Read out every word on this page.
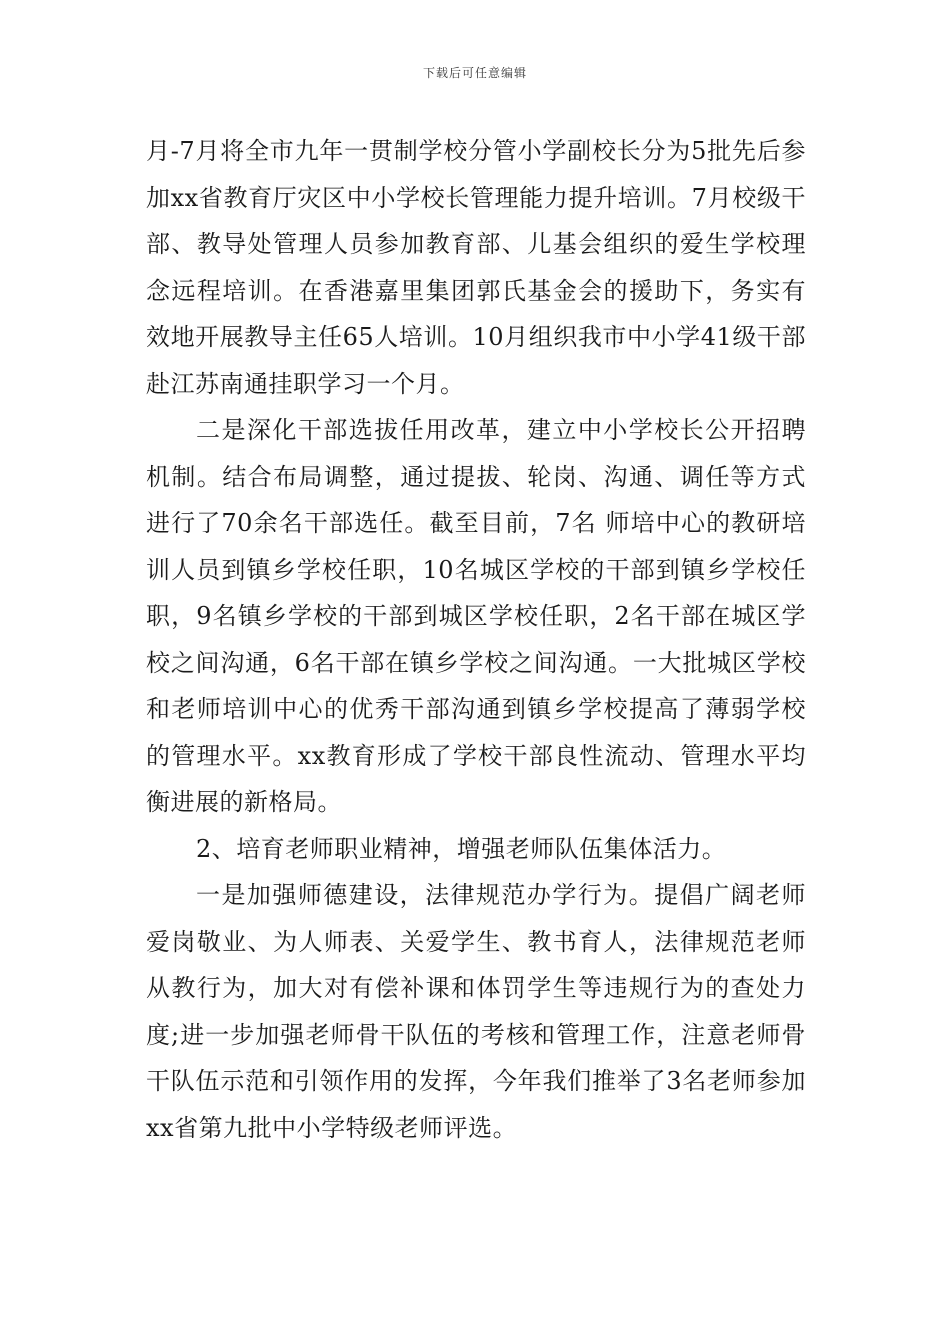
下载后可任意编辑

月-7月将全市九年一贯制学校分管小学副校长分为5批先后参加xx省教育厅灾区中小学校长管理能力提升培训。7月校级干部、教导处管理人员参加教育部、儿基会组织的爱生学校理念远程培训。在香港嘉里集团郭氏基金会的援助下，务实有效地开展教导主任65人培训。10月组织我市中小学41级干部赴江苏南通挂职学习一个月。

二是深化干部选拔任用改革，建立中小学校长公开招聘机制。结合布局调整，通过提拔、轮岗、沟通、调任等方式进行了70余名干部选任。截至目前，7名 师培中心的教研培训人员到镇乡学校任职，10名城区学校的干部到镇乡学校任职，9名镇乡学校的干部到城区学校任职，2名干部在城区学校之间沟通，6名干部在镇乡学校之间沟通。一大批城区学校和老师培训中心的优秀干部沟通到镇乡学校提高了薄弱学校的管理水平。xx教育形成了学校干部良性流动、管理水平均衡进展的新格局。

2、培育老师职业精神，增强老师队伍集体活力。

一是加强师德建设，法律规范办学行为。提倡广阔老师爱岗敬业、为人师表、关爱学生、教书育人，法律规范老师从教行为，加大对有偿补课和体罚学生等违规行为的查处力度;进一步加强老师骨干队伍的考核和管理工作，注意老师骨干队伍示范和引领作用的发挥，今年我们推举了3名老师参加xx省第九批中小学特级老师评选。
